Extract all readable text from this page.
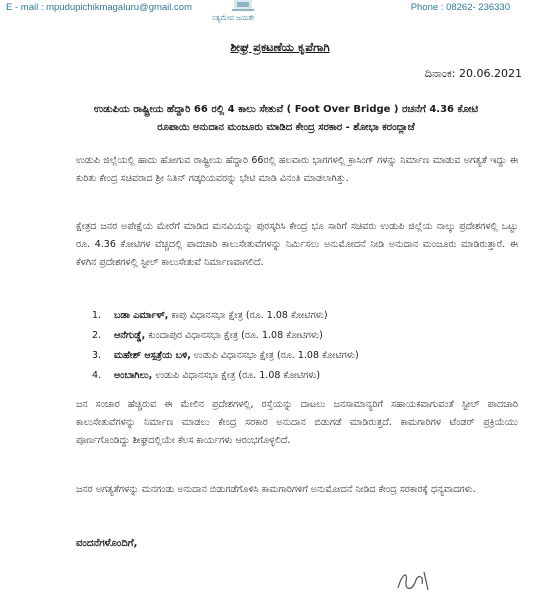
E - mail : mpudupichikmagaluru@gmail.com
ಸತ್ಯಮೇವ ಜಯತೇ
Phone : 08262- 236330
ಶೀಘ್ರ ಪ್ರಕಟಣೆಯ ಕೃಪೆಗಾಗಿ
ದಿನಾಂಕ: 20.06.2021
ಉಡುಪಿಯ ರಾಷ್ಟ್ರೀಯ ಹೆದ್ದಾರಿ 66 ರಲ್ಲಿ 4 ಕಾಲು ಸೇತುವೆ ( Foot Over Bridge ) ರಚನೆಗೆ 4.36 ಕೋಟಿ
ರೂಪಾಯಿ ಅನುದಾನ ಮಂಜೂರು ಮಾಡಿದ ಕೇಂದ್ರ ಸರಕಾರ - ಶೋಭಾ ಕರಂದ್ಲಾಜೆ

ಉಡುಪಿ ಜಿಲ್ಲೆಯಲ್ಲಿ ಹಾದು ಹೋಗುವ ರಾಷ್ಟ್ರೀಯ ಹೆದ್ದಾರಿ 66ರಲ್ಲಿ ಹಲವಾರು ಭಾಗಗಳಲ್ಲಿ ಕ್ರಾಸಿಂಗ್ ಗಳನ್ನು ನಿರ್ಮಾಣ ಮಾಡುವ ಅಗತ್ಯತೆ ಇದ್ದು ಈ ಕುರಿತು ಕೇಂದ್ರ ಸಚಿವರಾದ ಶ್ರೀ ನಿತಿನ್ ಗಡ್ಕರಿಯವರನ್ನು ಭೇಟಿ ಮಾಡಿ ವಿನಂತಿ ಮಾಡಲಾಗಿತ್ತು.

ಕ್ಷೇತ್ರದ ಜನರ ಅಪೇಕ್ಷೆಯ ಮೇರೆಗೆ ಮಾಡಿದ ಮನವಿಯನ್ನು ಪುರಸ್ಕರಿಸಿ ಕೇಂದ್ರ ಭೂ ಸಾರಿಗೆ ಸಚಿವರು ಉಡುಪಿ ಜಿಲ್ಲೆಯ ನಾಲ್ಕು ಪ್ರದೇಶಗಳಲ್ಲಿ ಒಟ್ಟು ರೂ. 4.36 ಕೋಟಿಗಳ ವೆಚ್ಚದಲ್ಲಿ ಪಾದಚಾರಿ ಕಾಲುಸೇತುವೆಗಳನ್ನು ನಿರ್ಮಿಸಲು ಅನುಮೋದನೆ ನೀಡಿ ಅನುದಾನ ಮಂಜೂರು ಮಾಡಿರುತ್ತಾರೆ. ಈ ಕೆಳಗಿನ ಪ್ರದೇಶಗಳಲ್ಲಿ ಸ್ಟೀಲ್ ಕಾಲುಸೇತುವೆ ನಿರ್ಮಾಣವಾಗಲಿದೆ.

1. ಬಡಾ ಎರ್ಮಾಳ್, ಕಾಪು ವಿಧಾನಸಭಾ ಕ್ಷೇತ್ರ (ರೂ. 1.08 ಕೋಟಿಗಳು)
2. ಆನೆಗುಡ್ಡೆ, ಕುಂದಾಪುರ ವಿಧಾನಸಭಾ ಕ್ಷೇತ್ರ (ರೂ. 1.08 ಕೋಟಿಗಳು)
3. ಮಹೇಶ್ ಆಸ್ಪತ್ರೆಯ ಬಳಿ, ಉಡುಪಿ ವಿಧಾನಸಭಾ ಕ್ಷೇತ್ರ (ರೂ. 1.08 ಕೋಟಿಗಳು)
4. ಅಂಬಾಗಿಲು, ಉಡುಪಿ ವಿಧಾನಸಭಾ ಕ್ಷೇತ್ರ (ರೂ. 1.08 ಕೋಟಿಗಳು)

ಜನ ಸಂಚಾರ ಹೆಚ್ಚಿರುವ ಈ ಮೇಲಿನ ಪ್ರದೇಶಗಳಲ್ಲಿ, ರಸ್ತೆಯನ್ನು ದಾಟಲು ಜನಸಾಮಾನ್ಯರಿಗೆ ಸಹಾಯಕವಾಗುವಂತೆ ಸ್ಟೀಲ್ ಪಾದಚಾರಿ ಕಾಲುಸೇತುವೆಗಳನ್ನು ನಿರ್ಮಾಣ ಮಾಡಲು ಕೇಂದ್ರ ಸರಕಾರ ಅನುದಾನ ಬಿಡುಗಡೆ ಮಾಡಿರುತ್ತದೆ. ಕಾಮಗಾರಿಗಳ ಟೆಂಡರ್ ಪ್ರಕ್ರಿಯೆಯು ಪೂರ್ಣಗೊಂಡಿದ್ದು ಶೀಘ್ರದಲ್ಲಿಯೇ ಕೆಲಸ ಕಾರ್ಯಗಳು ಆರಂಭಗೊಳ್ಳಲಿದೆ.

ಜನರ ಅಗತ್ಯತೆಗಳನ್ನು ಮನಗಂಡು ಅನುದಾನ ಬಿಡುಗಡೆಗೊಳಿಸಿ ಕಾಮಗಾರಿಗಳಿಗೆ ಅನುಮೋದನೆ ನೀಡಿದ ಕೇಂದ್ರ ಸರಕಾರಕ್ಕೆ ಧನ್ಯವಾದಗಳು.

ವಂದನೆಗಳೊಂದಿಗೆ,
